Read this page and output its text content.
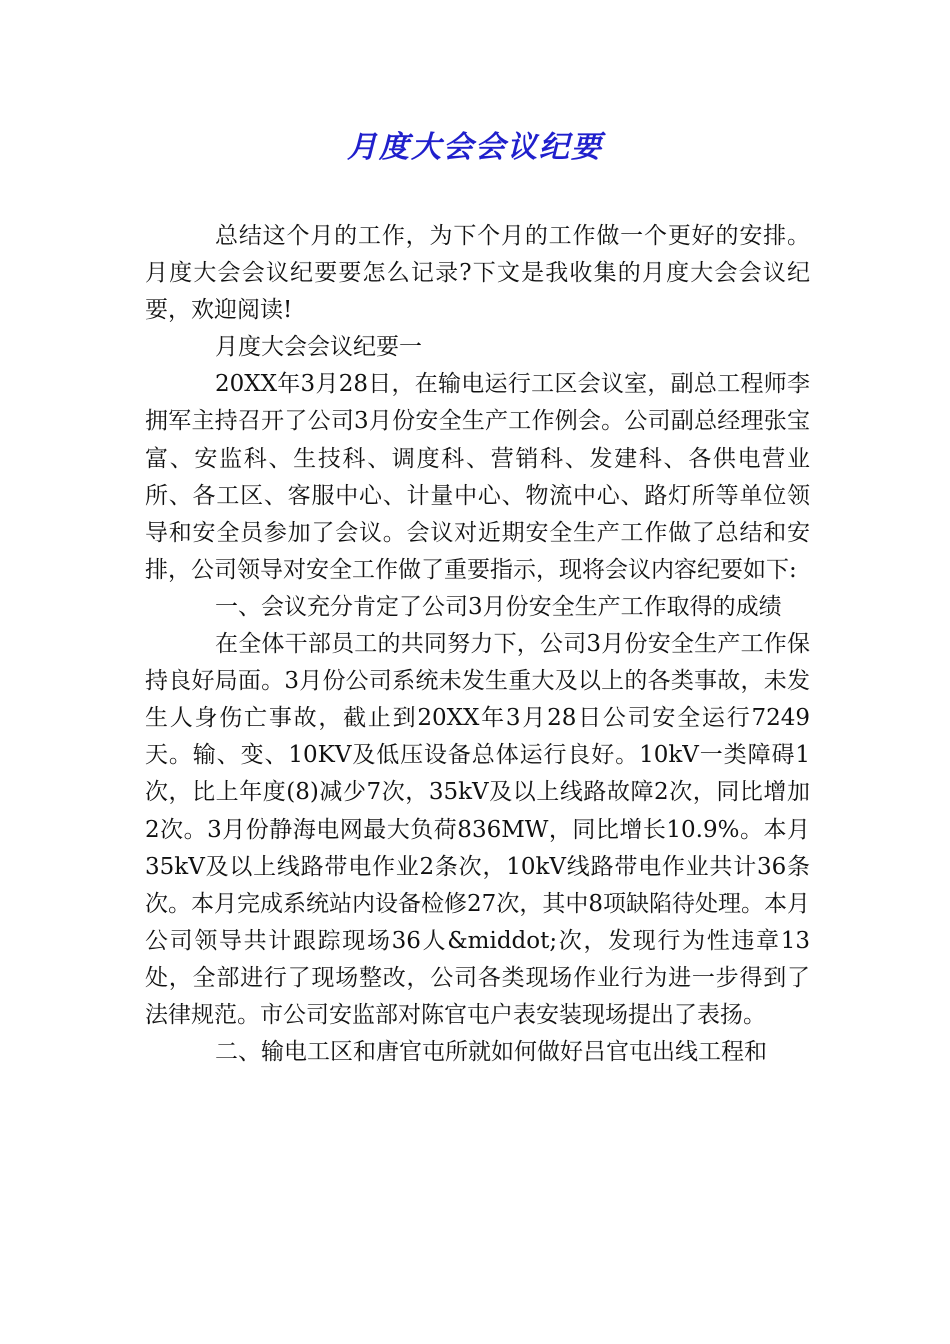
月度大会会议纪要

总结这个月的工作，为下个月的工作做一个更好的安排。月度大会会议纪要要怎么记录?下文是我收集的月度大会会议纪要，欢迎阅读!

月度大会会议纪要一

20XX年3月28日，在输电运行工区会议室，副总工程师李拥军主持召开了公司3月份安全生产工作例会。公司副总经理张宝富、安监科、生技科、调度科、营销科、发建科、各供电营业所、各工区、客服中心、计量中心、物流中心、路灯所等单位领导和安全员参加了会议。会议对近期安全生产工作做了总结和安排，公司领导对安全工作做了重要指示，现将会议内容纪要如下:

一、会议充分肯定了公司3月份安全生产工作取得的成绩

在全体干部员工的共同努力下，公司3月份安全生产工作保持良好局面。3月份公司系统未发生重大及以上的各类事故，未发生人身伤亡事故，截止到20XX年3月28日公司安全运行7249天。输、变、10KV及低压设备总体运行良好。10kV一类障碍1次，比上年度(8)减少7次，35kV及以上线路故障2次，同比增加2次。3月份静海电网最大负荷836MW，同比增长10.9%。本月35kV及以上线路带电作业2条次，10kV线路带电作业共计36条次。本月完成系统站内设备检修27次，其中8项缺陷待处理。本月公司领导共计跟踪现场36人&middot;次，发现行为性违章13处，全部进行了现场整改，公司各类现场作业行为进一步得到了法律规范。市公司安监部对陈官屯户表安装现场提出了表扬。

二、输电工区和唐官屯所就如何做好吕官屯出线工程和
